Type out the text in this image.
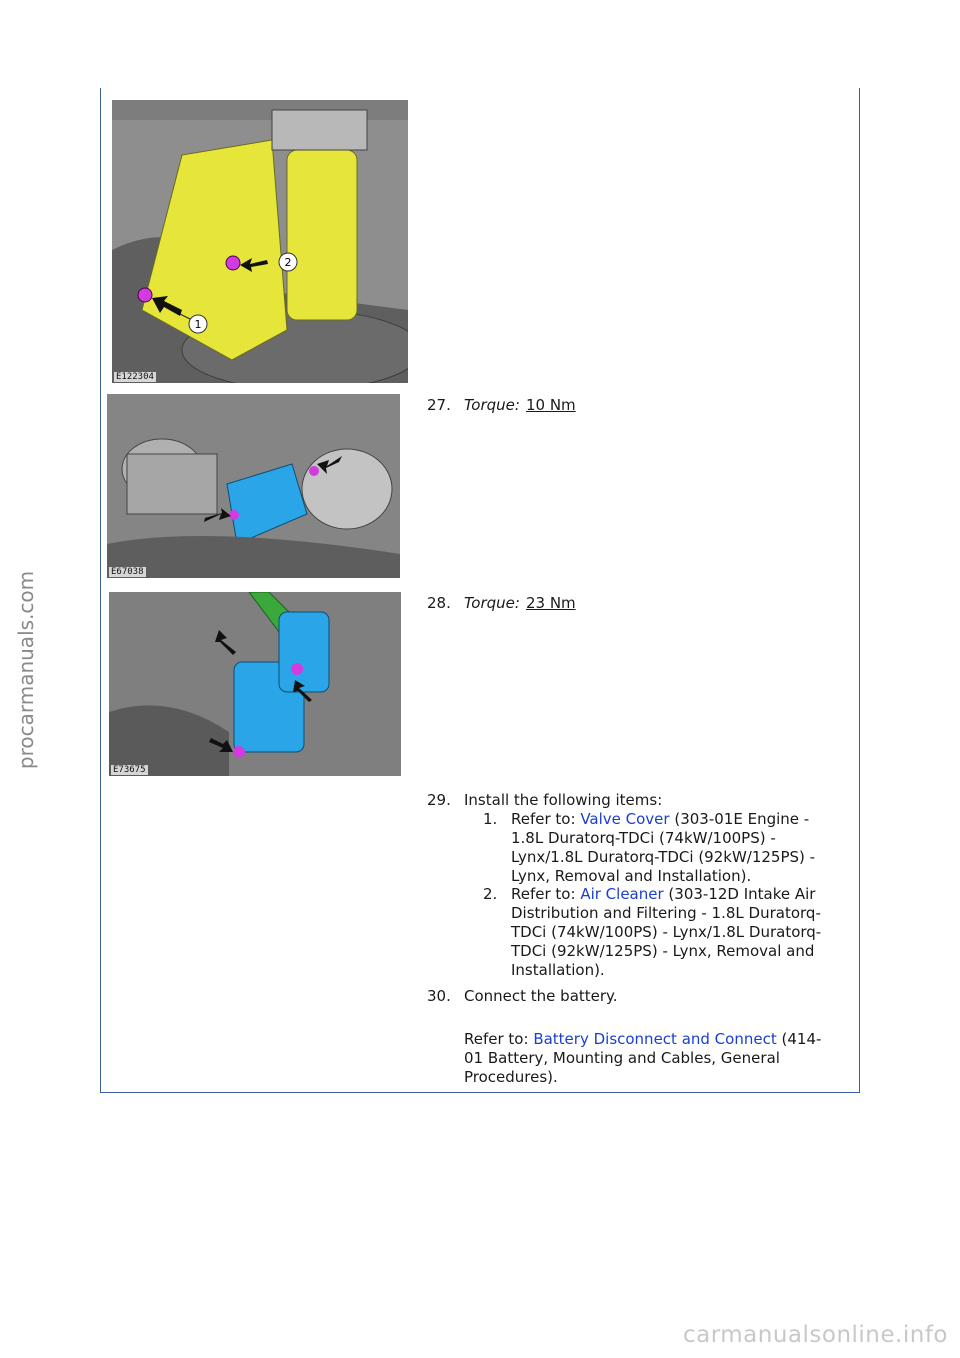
procarmanuals.com
1
2
E122304
E67038
E73675
27. Torque: 10 Nm
28. Torque: 23 Nm
29. Install the following items:
1. Refer to: Valve Cover (303-01E Engine -
1.8L Duratorq-TDCi (74kW/100PS) -
Lynx/1.8L Duratorq-TDCi (92kW/125PS) -
Lynx, Removal and Installation).
2. Refer to: Air Cleaner (303-12D Intake Air
Distribution and Filtering - 1.8L Duratorq-
TDCi (74kW/100PS) - Lynx/1.8L Duratorq-
TDCi (92kW/125PS) - Lynx, Removal and
Installation).
30. Connect the battery.
Refer to: Battery Disconnect and Connect (414-
01 Battery, Mounting and Cables, General
Procedures).
carmanualsonline.info
